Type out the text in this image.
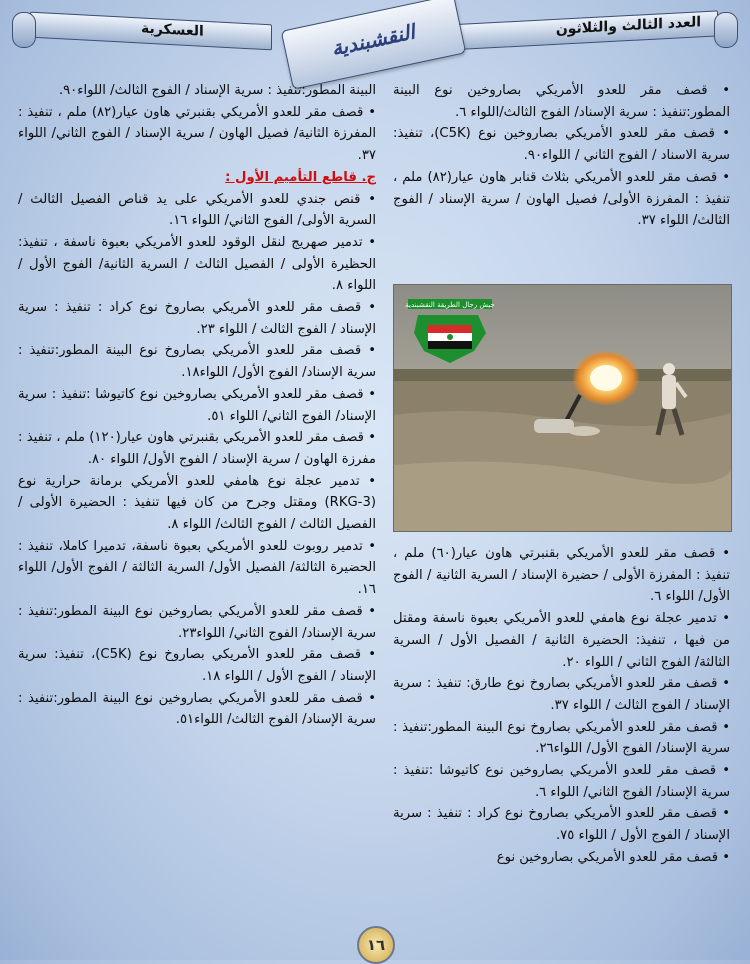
العسكرية	العدد الثالث والثلاثون
النقشبندية

• قصف مقر للعدو الأمريكي بصاروخين نوع البينة المطور:تنفيذ : سرية الإسناد/ الفوج الثالث/اللواء ٦.

• قصف مقر للعدو الأمريكي بصاروخين نوع (C5K)، تنفيذ: سرية الاسناد / الفوج الثاني / اللواء٩٠.

• قصف مقر للعدو الأمريكي بثلاث قنابر هاون عيار(٨٢) ملم ، تنفيذ : المفرزة الأولى/ فصيل الهاون / سرية الإسناد / الفوج الثالث/ اللواء ٣٧.

جيش رجال الطريقة النقشبندية

• قصف مقر للعدو الأمريكي بقنبرتي هاون عيار(٦٠) ملم ، تنفيذ : المفرزة الأولى / حضيرة الإسناد / السرية الثانية / الفوج الأول/ اللواء ٦.

• تدمير عجلة نوع هامفي للعدو الأمريكي بعبوة ناسفة ومقتل من فيها ، تنفيذ: الحضيرة الثانية / الفصيل الأول / السرية الثالثة/ الفوج الثاني / اللواء ٢٠.

• قصف مقر للعدو الأمريكي بصاروخ نوع طارق: تنفيذ : سرية الإسناد / الفوج الثالث / اللواء ٣٧.

• قصف مقر للعدو الأمريكي بصاروخ نوع البينة المطور:تنفيذ : سرية الإسناد/ الفوج الأول/ اللواء٢٦.

• قصف مقر للعدو الأمريكي بصاروخين نوع كاتيوشا :تنفيذ : سرية الإسناد/ الفوج الثاني/ اللواء ٦.

• قصف مقر للعدو الأمريكي بصاروخ نوع كراد : تنفيذ : سرية الإسناد / الفوج الأول / اللواء ٧٥.

• قصف مقر للعدو الأمريكي بصاروخين نوع

البينة المطور:تنفيذ : سرية الإسناد / الفوج الثالث/ اللواء٩٠.

• قصف مقر للعدو الأمريكي بقنبرتي هاون عيار(٨٢) ملم ، تنفيذ : المفرزة الثانية/ فصيل الهاون / سرية الإسناد / الفوج الثاني/ اللواء ٣٧.

ج. قاطع التأميم الأول :

• قنص جندي للعدو الأمريكي على يد قناص الفصيل الثالث / السرية الأولى/ الفوج الثاني/ اللواء ١٦.

• تدمير صهريج لنقل الوقود للعدو الأمريكي بعبوة ناسفة ، تنفيذ: الحظيرة الأولى / الفصيل الثالث / السرية الثانية/ الفوج الأول / اللواء ٨.

• قصف مقر للعدو الأمريكي بصاروخ نوع كراد : تنفيذ : سرية الإسناد / الفوج الثالث / اللواء ٢٣.

• قصف مقر للعدو الأمريكي بصاروخ نوع البينة المطور:تنفيذ : سرية الإسناد/ الفوج الأول/ اللواء١٨.

• قصف مقر للعدو الأمريكي بصاروخين نوع كاتيوشا :تنفيذ : سرية الإسناد/ الفوج الثاني/ اللواء ٥١.

• قصف مقر للعدو الأمريكي بقنبرتي هاون عيار(١٢٠) ملم ، تنفيذ : مفرزة الهاون / سرية الإسناد / الفوج الأول/ اللواء ٨٠.

• تدمير عجلة نوع هامفي للعدو الأمريكي برمانة حرارية نوع (RKG-3) ومقتل وجرح من كان فيها تنفيذ : الحضيرة الأولى / الفصيل الثالث / الفوج الثالث/ اللواء ٨.

• تدمير روبوت للعدو الأمريكي بعبوة ناسفة، تدميرا كاملا، تنفيذ : الحضيرة الثالثة/ الفصيل الأول/ السرية الثالثة / الفوج الأول/ اللواء ١٦.

• قصف مقر للعدو الأمريكي بصاروخين نوع البينة المطور:تنفيذ : سرية الإسناد/ الفوج الثاني/ اللواء٢٣.

• قصف مقر للعدو الأمريكي بصاروخ نوع (C5K)، تنفيذ: سرية الإسناد / الفوج الأول / اللواء ١٨.

• قصف مقر للعدو الأمريكي بصاروخين نوع البينة المطور:تنفيذ : سرية الإسناد/ الفوج الثالث/ اللواء٥١.

١٦
